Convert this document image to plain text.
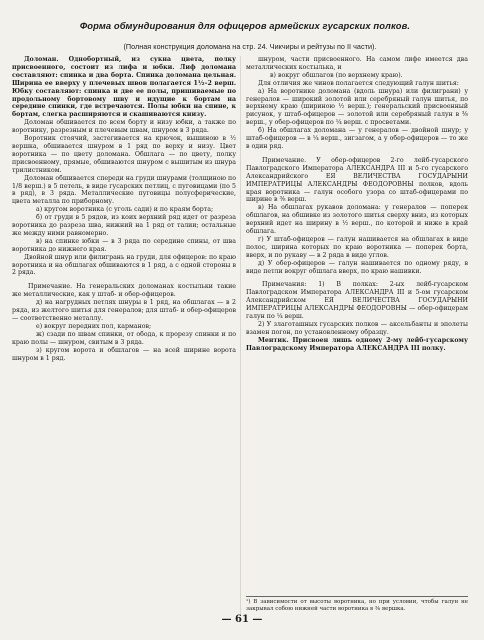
Форма обмундирования для офицеров армейских гусарских полков.
(Полная конструкция доломана на стр. 24. Чикчиры и рейтузы по II части).

Доломан. Однобортный, из сукна цвета, полку присвоенного, состоит из лифа и юбки. Лиф доломана составляют: спинка и два борта. Спинка доломана цельная. Ширина ее вверху у плечевых швов полагается 1½–2 верш. Юбку составляют: спинка и две ее полы, пришиваемые по продольному бортовому шву и идущие к бортам на середине спинки, где встречаются. Полы юбки на спине, к бортам, слегка расширяются и скашиваются книзу.

Доломан обшивается по всем борту и низу юбки, а также по воротнику, разрезным и плечевым швам, шнуром в 3 ряда.

Воротник стоячий, застегивается на крючок, вышиною в ½ вершка, обшивается шнуром в 1 ряд по верху и низу. Цвет воротника — по цвету доломана. Обшлага — по цвету, полку присвоенному, прямые, обшиваются шнуром с вышитым из шнура трилистником.

Доломан обшивается спереди на груди шнурами (толщиною по 1/8 верш.) в 5 петель, в виде гусарских петлиц, с пуговицами (по 5 в ряд), в 3 ряда. Металлические пуговицы полусферические, цвета металла по приборному.

а) кругом воротника (с уголь сади) и по краям борта;

б) от груди в 5 рядов, из коих верхний ряд идет от разреза воротника до разреза шва, нижний на 1 ряд от талии; остальные же между ними равномерно.

в) на спинке юбки — в 3 ряда по середине спины, от шва воротника до нижнего края.

Двойной шнур или филигрань на груди, для офицеров: по краю воротника и на обшлагах обшиваются в 1 ряд, а с одной стороны в 2 ряда.

Примечание. На генеральских доломанах костыльки такие же металлические, как у штаб- и обер-офицеров.

д) на нагрудных петлях шнуры в 1 ряд, на обшлагах — в 2 ряда, из желтого шитья для генералов; для штаб- и обер-офицеров — соответственно металлу.

е) вокруг передних пол, карманов;

ж) сзади по швам спинки, от обода, к прорезу спинки и по краю полы — шнуром, свитым в 3 ряда.

з) кругом ворота и обшлагов — на всей ширине ворота шнуром в 1 ряд.

шнуром, части присвоенного. На самом лифе имеется два металлических костылька, и

в) вокруг обшлагов (по верхнему краю).

Для отличия же чинов полагается следующий галун шитья:

а) На воротнике доломана (вдоль шнура) или филиграни) у генералов — широкий золотой или серебряный галун шитья, по верхнему краю (шириною ½ верш.); генеральский присвоенный рисунок, у штаб-офицеров — золотой или серебряный галун в ⅜ верш., у обер-офицеров по ¼ верш. с просветами.

б) На обшлагах доломана — у генералов — двойной шнур; у штаб-офицеров — в ¼ верш., зигзагом, а у обер-офицеров — то же в один ряд.

Примечание. У обер-офицеров 2-го лейб-гусарского Павлоградского Императора АЛЕКСАНДРА III и 5-го гусарского Александрийского ЕЯ ВЕЛИЧЕСТВА ГОСУДАРЫНИ ИМПЕРАТРИЦЫ АЛЕКСАНДРЫ ФЕОДОРОВНЫ полков, вдоль края воротника — галун особого узора со штаб-офицерами по ширине в ⅜ верш.

в) На обшлагах рукавов доломана: у генералов — поперек обшлагов, на обшивке из золотого шитья сверху вниз, из которых верхний идет на ширину в ½ верш., по которой и ниже в край обшлага.

г) У штаб-офицеров — галун нашивается на обшлагах в виде полос, ширина которых по краю воротника — поперек борта, вверх, и по рукаву — в 2 ряда в виде углов.

д) У обер-офицеров — галун нашивается по одному ряду, в виде петли вокруг обшлага вверх, по краю нашивки.

Примечания: 1) В полках: 2-ых лейб-гусарском Павлоградском Императора АЛЕКСАНДРА III и 5-ом гусарском Александрийском ЕЯ ВЕЛИЧЕСТВА ГОСУДАРЫНИ ИМПЕРАТРИЦЫ АЛЕКСАНДРЫ ФЕОДОРОВНЫ — обер-офицерам галун по ¼ верш.

2) У злаготашных гусарских полков — аксельбанты и эполеты взамен погон, по установленному образцу.

Ментик. Присвоен лишь одному 2-му лейб-гусарскому Павлоградскому Императора АЛЕКСАНДРА III полку.

¹) В зависимости от высоты воротника, но при условии, чтобы галун не закрывал собою нижней части воротника в ⅜ вершка.
— 61 —
